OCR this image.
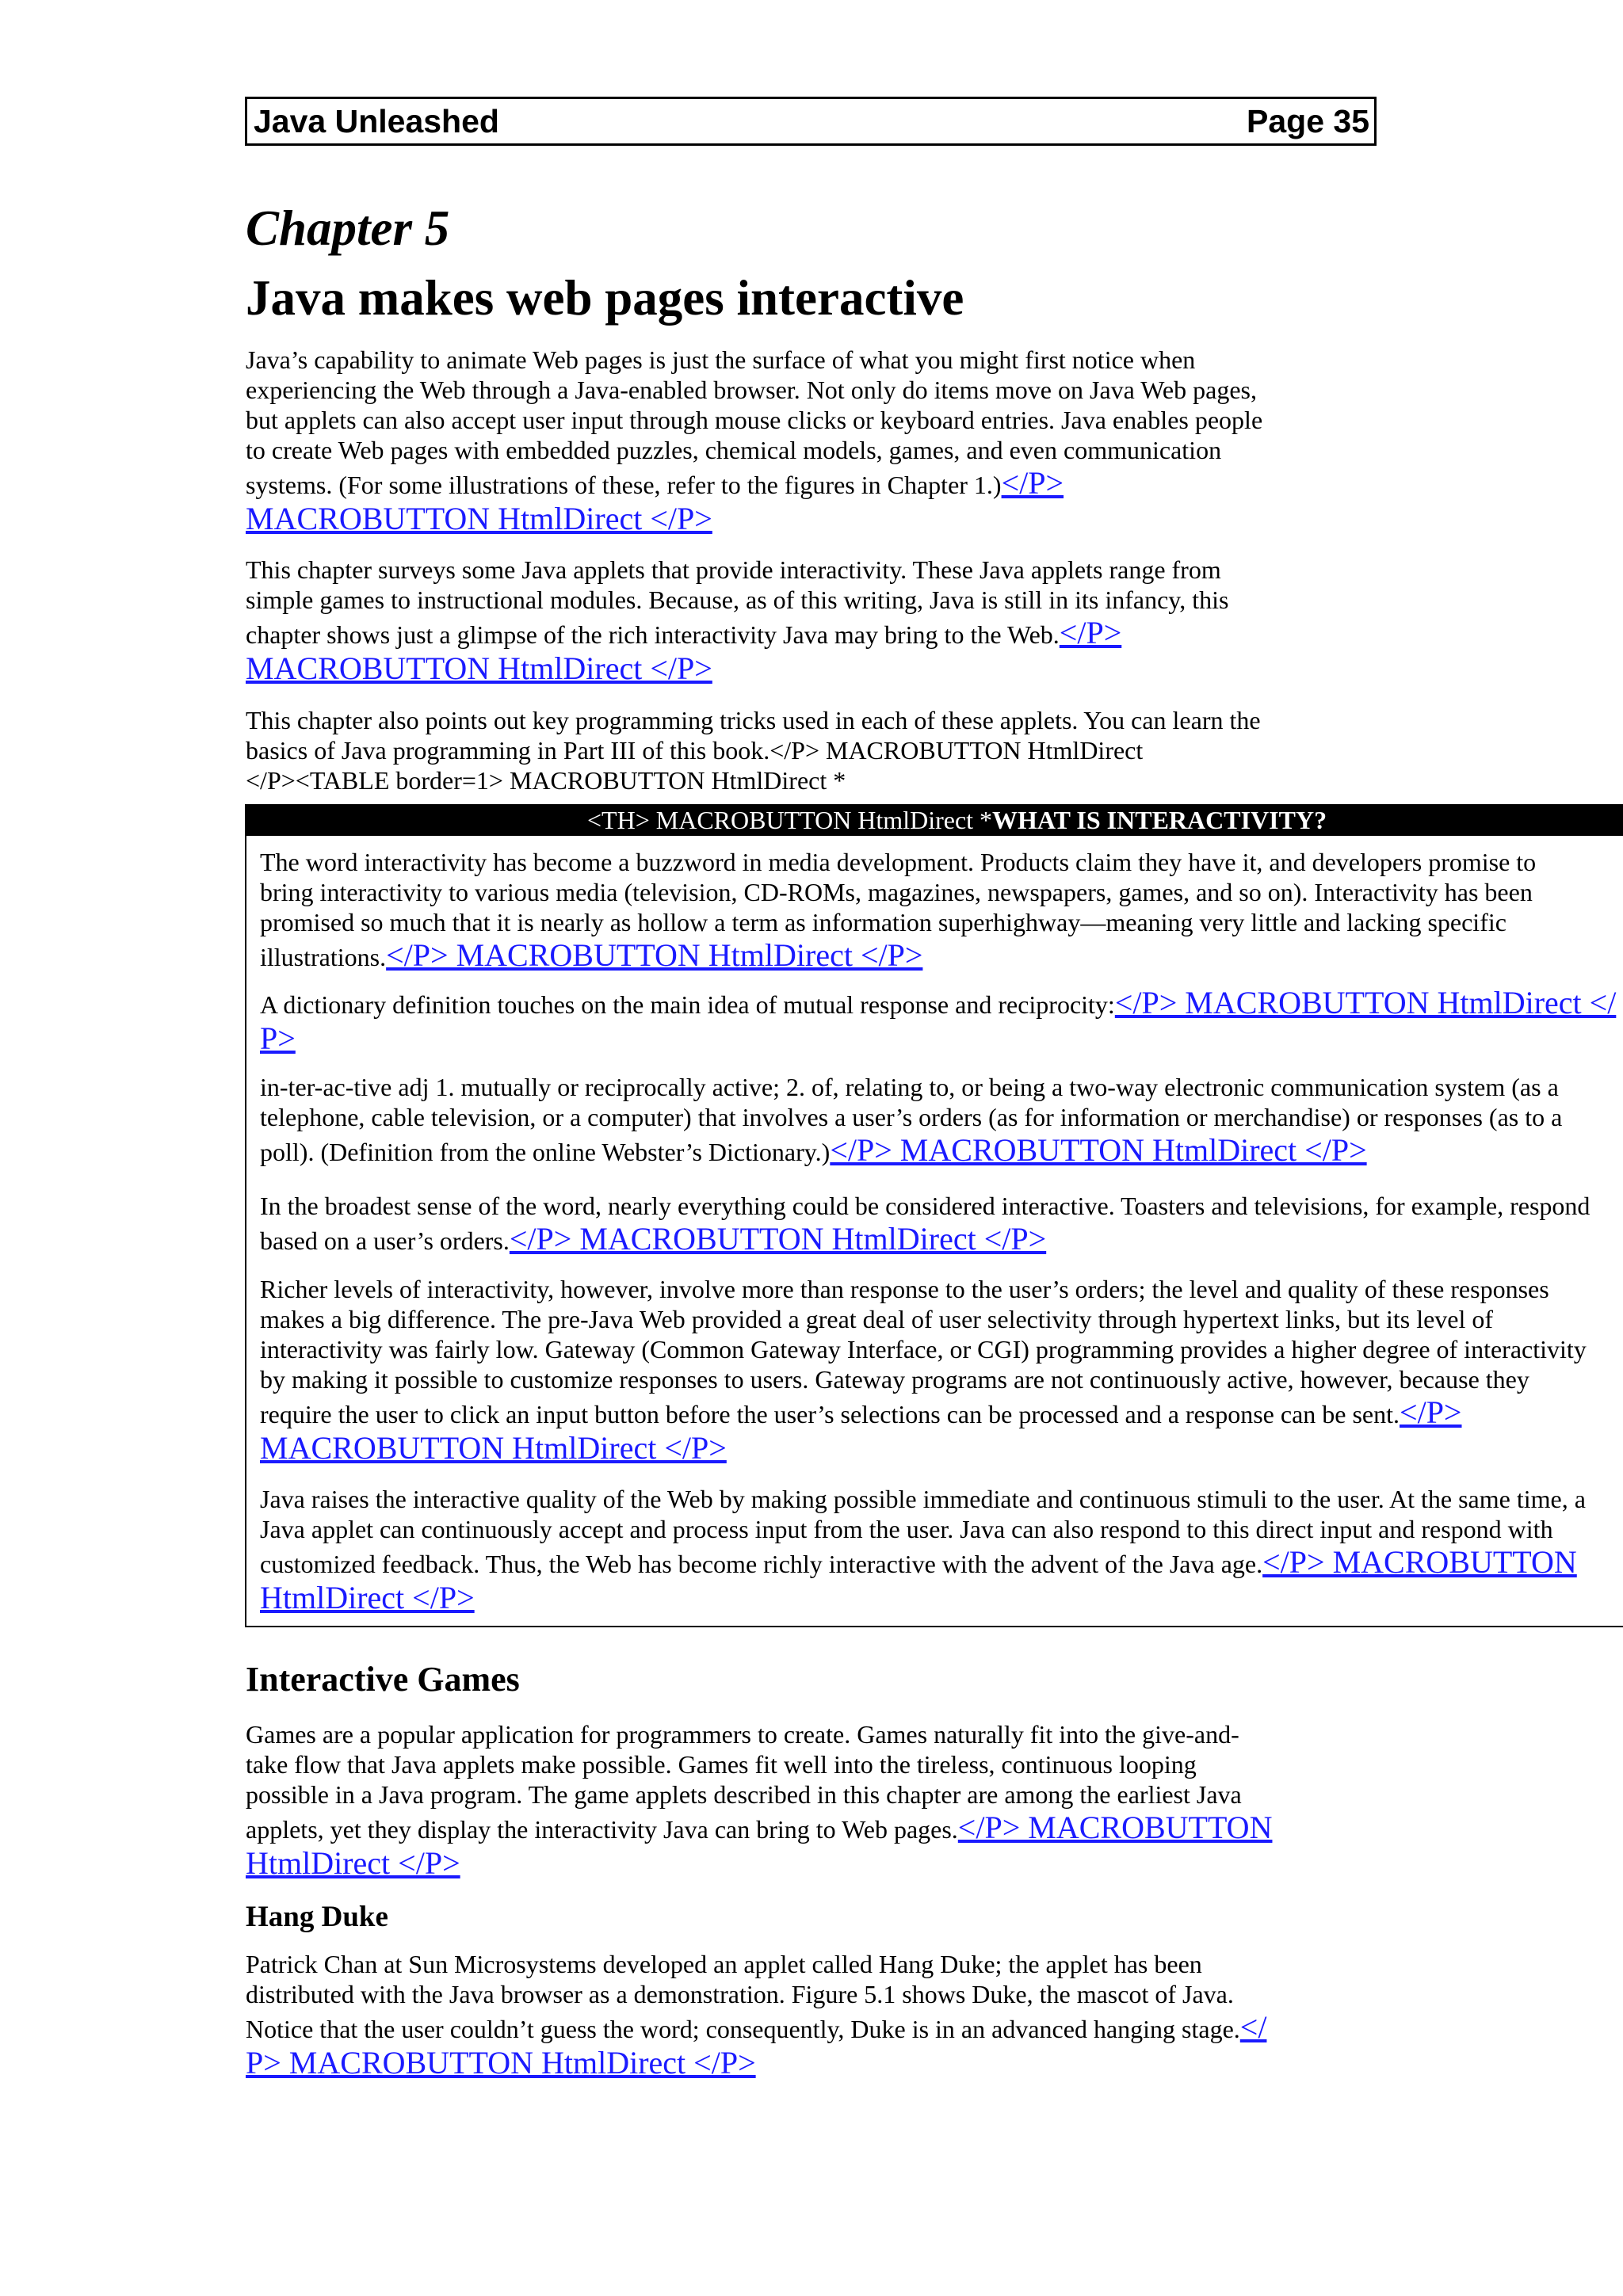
Java Unleashed	Page 35
Chapter 5
Java makes web pages interactive
Java’s capability to animate Web pages is just the surface of what you might first notice when
experiencing the Web through a Java-enabled browser. Not only do items move on Java Web pages,
but applets can also accept user input through mouse clicks or keyboard entries. Java enables people
to create Web pages with embedded puzzles, chemical models, games, and even communication
systems. (For some illustrations of these, refer to the figures in Chapter 1.)</P>
MACROBUTTON HtmlDirect </P>
This chapter surveys some Java applets that provide interactivity. These Java applets range from
simple games to instructional modules. Because, as of this writing, Java is still in its infancy, this
chapter shows just a glimpse of the rich interactivity Java may bring to the Web.</P>
MACROBUTTON HtmlDirect </P>
This chapter also points out key programming tricks used in each of these applets. You can learn the
basics of Java programming in Part III of this book.</P> MACROBUTTON HtmlDirect
</P><TABLE border=1> MACROBUTTON HtmlDirect *
<TH> MACROBUTTON HtmlDirect *WHAT IS INTERACTIVITY?
The word interactivity has become a buzzword in media development. Products claim they have it, and developers promise to
bring interactivity to various media (television, CD-ROMs, magazines, newspapers, games, and so on). Interactivity has been
promised so much that it is nearly as hollow a term as information superhighway—meaning very little and lacking specific
illustrations.</P> MACROBUTTON HtmlDirect </P>
A dictionary definition touches on the main idea of mutual response and reciprocity:</P> MACROBUTTON HtmlDirect </
P>
in-ter-ac-tive adj 1. mutually or reciprocally active; 2. of, relating to, or being a two-way electronic communication system (as a
telephone, cable television, or a computer) that involves a user’s orders (as for information or merchandise) or responses (as to a
poll). (Definition from the online Webster’s Dictionary.)</P> MACROBUTTON HtmlDirect </P>
In the broadest sense of the word, nearly everything could be considered interactive. Toasters and televisions, for example, respond
based on a user’s orders.</P> MACROBUTTON HtmlDirect </P>
Richer levels of interactivity, however, involve more than response to the user’s orders; the level and quality of these responses
makes a big difference. The pre-Java Web provided a great deal of user selectivity through hypertext links, but its level of
interactivity was fairly low. Gateway (Common Gateway Interface, or CGI) programming provides a higher degree of interactivity
by making it possible to customize responses to users. Gateway programs are not continuously active, however, because they
require the user to click an input button before the user’s selections can be processed and a response can be sent.</P>
MACROBUTTON HtmlDirect </P>
Java raises the interactive quality of the Web by making possible immediate and continuous stimuli to the user. At the same time, a
Java applet can continuously accept and process input from the user. Java can also respond to this direct input and respond with
customized feedback. Thus, the Web has become richly interactive with the advent of the Java age.</P> MACROBUTTON
HtmlDirect </P>
Interactive Games
Games are a popular application for programmers to create. Games naturally fit into the give-and-
take flow that Java applets make possible. Games fit well into the tireless, continuous looping
possible in a Java program. The game applets described in this chapter are among the earliest Java
applets, yet they display the interactivity Java can bring to Web pages.</P> MACROBUTTON
HtmlDirect </P>
Hang Duke
Patrick Chan at Sun Microsystems developed an applet called Hang Duke; the applet has been
distributed with the Java browser as a demonstration. Figure 5.1 shows Duke, the mascot of Java.
Notice that the user couldn’t guess the word; consequently, Duke is in an advanced hanging stage.</
P> MACROBUTTON HtmlDirect </P>
